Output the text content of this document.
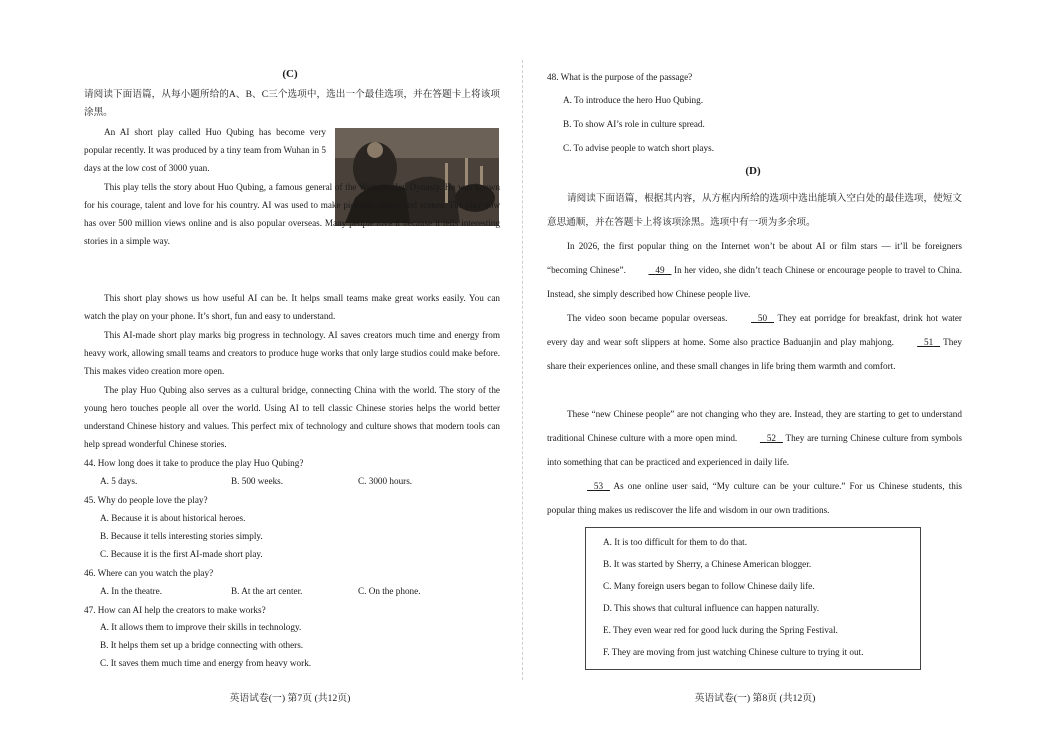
(C)

请阅读下面语篇，从每小题所给的A、B、C三个选项中，选出一个最佳选项，并在答题卡上将该项涂黑。

An AI short play called Huo Qubing has become very popular recently. It was produced by a tiny team from Wuhan in 5 days at the low cost of 3000 yuan.

This play tells the story about Huo Qubing, a famous general of the Western Han Dynasty. He was known for his courage, talent and love for his country. AI was used to make pictures, voices and scenes. The play now has over 500 million views online and is also popular overseas. Many people love it because it tells interesting stories in a simple way.

This short play shows us how useful AI can be. It helps small teams make great works easily. You can watch the play on your phone. It’s short, fun and easy to understand.

This AI-made short play marks big progress in technology. AI saves creators much time and energy from heavy work, allowing small teams and creators to produce huge works that only large studios could make before. This makes video creation more open.

The play Huo Qubing also serves as a cultural bridge, connecting China with the world. The story of the young hero touches people all over the world. Using AI to tell classic Chinese stories helps the world better understand Chinese history and values. This perfect mix of technology and culture shows that modern tools can help spread wonderful Chinese stories.

44. How long does it take to produce the play Huo Qubing?
A. 5 days.	B. 500 weeks.	C. 3000 hours.
45. Why do people love the play?
A. Because it is about historical heroes.
B. Because it tells interesting stories simply.
C. Because it is the first AI-made short play.
46. Where can you watch the play?
A. In the theatre.	B. At the art center.	C. On the phone.
47. How can AI help the creators to make works?
A. It allows them to improve their skills in technology.
B. It helps them set up a bridge connecting with others.
C. It saves them much time and energy from heavy work.
英语试卷(一) 第7页 (共12页)
48. What is the purpose of the passage?
A. To introduce the hero Huo Qubing.
B. To show AI’s role in culture spread.
C. To advise people to watch short plays.
(D)

请阅读下面语篇，根据其内容，从方框内所给的选项中选出能填入空白处的最佳选项，使短文意思通顺，并在答题卡上将该项涂黑。选项中有一项为多余项。

In 2026, the first popular thing on the Internet won’t be about AI or film stars — it’ll be foreigners “becoming Chinese”.	49 In her video, she didn’t teach Chinese or encourage people to travel to China. Instead, she simply described how Chinese people live.

The video soon became popular overseas.	50 They eat porridge for breakfast, drink hot water every day and wear soft slippers at home. Some also practice Baduanjin and play mahjong.	51 They share their experiences online, and these small changes in life bring them warmth and comfort.

These “new Chinese people” are not changing who they are. Instead, they are starting to get to understand traditional Chinese culture with a more open mind.	52 They are turning Chinese culture from symbols into something that can be practiced and experienced in daily life.

53 As one online user said, “My culture can be your culture.” For us Chinese students, this popular thing makes us rediscover the life and wisdom in our own traditions.

A. It is too difficult for them to do that.
B. It was started by Sherry, a Chinese American blogger.
C. Many foreign users began to follow Chinese daily life.
D. This shows that cultural influence can happen naturally.
E. They even wear red for good luck during the Spring Festival.
F. They are moving from just watching Chinese culture to trying it out.
英语试卷(一) 第8页 (共12页)
